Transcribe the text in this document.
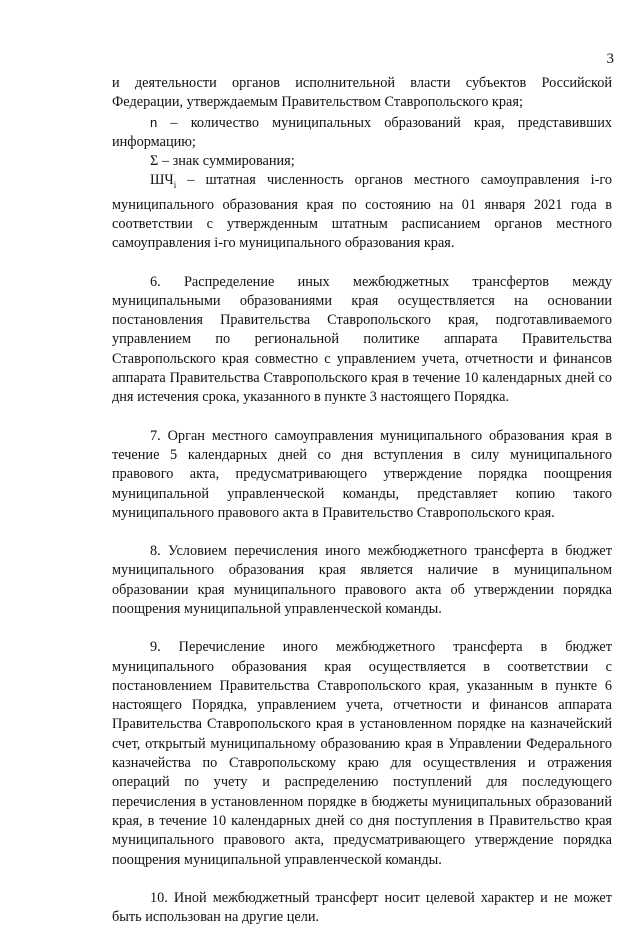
3

и деятельности органов исполнительной власти субъектов Российской Федерации, утверждаемым Правительством Ставропольского края;

n – количество муниципальных образований края, представивших информацию;

Σ – знак суммирования;

$ШЧ_i$ – штатная численность органов местного самоуправления i-го муниципального образования края по состоянию на 01 января 2021 года в соответствии с утвержденным штатным расписанием органов местного самоуправления i-го муниципального образования края.

6. Распределение иных межбюджетных трансфертов между муниципальными образованиями края осуществляется на основании постановления Правительства Ставропольского края, подготавливаемого управлением по региональной политике аппарата Правительства Ставропольского края совместно с управлением учета, отчетности и финансов аппарата Правительства Ставропольского края в течение 10 календарных дней со дня истечения срока, указанного в пункте 3 настоящего Порядка.

7. Орган местного самоуправления муниципального образования края в течение 5 календарных дней со дня вступления в силу муниципального правового акта, предусматривающего утверждение порядка поощрения муниципальной управленческой команды, представляет копию такого муниципального правового акта в Правительство Ставропольского края.

8. Условием перечисления иного межбюджетного трансферта в бюджет муниципального образования края является наличие в муниципальном образовании края муниципального правового акта об утверждении порядка поощрения муниципальной управленческой команды.

9. Перечисление иного межбюджетного трансферта в бюджет муниципального образования края осуществляется в соответствии с постановлением Правительства Ставропольского края, указанным в пункте 6 настоящего Порядка, управлением учета, отчетности и финансов аппарата Правительства Ставропольского края в установленном порядке на казначейский счет, открытый муниципальному образованию края в Управлении Федерального казначейства по Ставропольскому краю для осуществления и отражения операций по учету и распределению поступлений для последующего перечисления в установленном порядке в бюджеты муниципальных образований края, в течение 10 календарных дней со дня поступления в Правительство края муниципального правового акта, предусматривающего утверждение порядка поощрения муниципальной управленческой команды.

10. Иной межбюджетный трансферт носит целевой характер и не может быть использован на другие цели.
